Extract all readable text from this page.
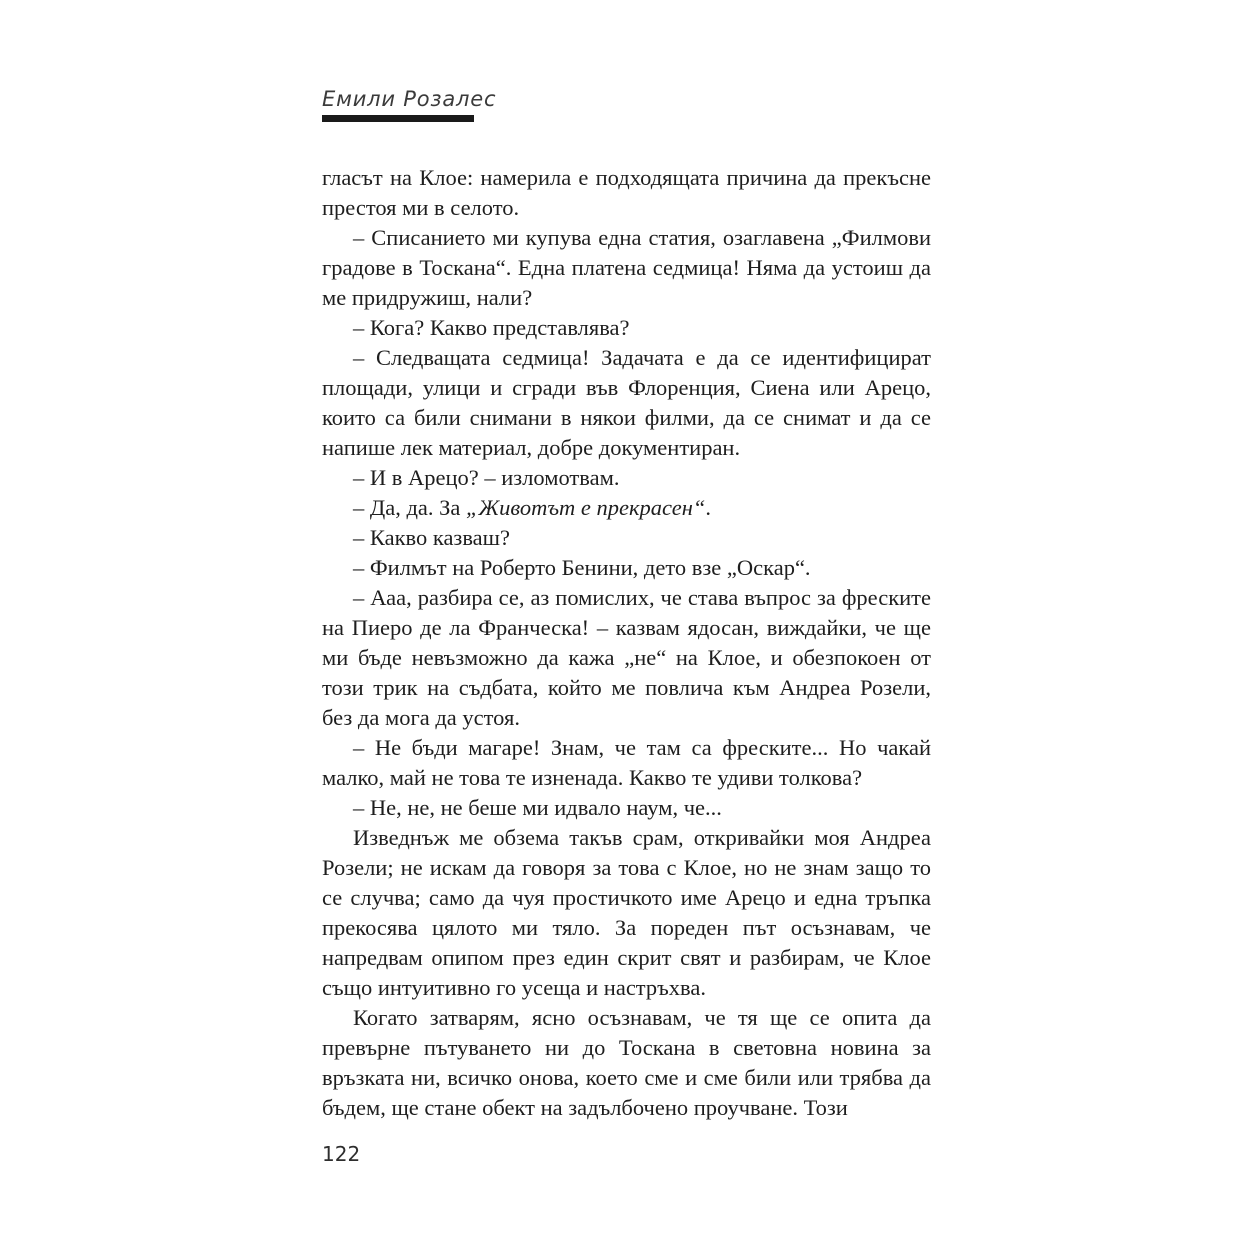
Емили Розалес

гласът на Клое: намерила е подходящата причина да прекъсне престоя ми в селото.

– Списанието ми купува една статия, озаглавена „Филмови градове в Тоскана“. Една платена седмица! Няма да устоиш да ме придружиш, нали?

– Кога? Какво представлява?

– Следващата седмица! Задачата е да се идентифицират площади, улици и сгради във Флоренция, Сиена или Арецо, които са били снимани в някои филми, да се снимат и да се напише лек материал, добре документиран.

– И в Арецо? – изломотвам.

– Да, да. За „Животът е прекрасен“.

– Какво казваш?

– Филмът на Роберто Бенини, дето взе „Оскар“.

– Ааа, разбира се, аз помислих, че става въпрос за фреските на Пиеро де ла Франческа! – казвам ядосан, виждайки, че ще ми бъде невъзможно да кажа „не“ на Клое, и обезпокоен от този трик на съдбата, който ме повлича към Андреа Розели, без да мога да устоя.

– Не бъди магаре! Знам, че там са фреските... Но чакай малко, май не това те изненада. Какво те удиви толкова?

– Не, не, не беше ми идвало наум, че...

Изведнъж ме обзема такъв срам, откривайки моя Андреа Розели; не искам да говоря за това с Клое, но не знам защо то се случва; само да чуя простичкото име Арецо и една тръпка прекосява цялото ми тяло. За пореден път осъзнавам, че напредвам опипом през един скрит свят и разбирам, че Клое също интуитивно го усеща и настръхва.

Когато затварям, ясно осъзнавам, че тя ще се опита да превърне пътуването ни до Тоскана в световна новина за връзката ни, всичко онова, което сме и сме били или трябва да бъдем, ще стане обект на задълбочено проучване. Този

122
